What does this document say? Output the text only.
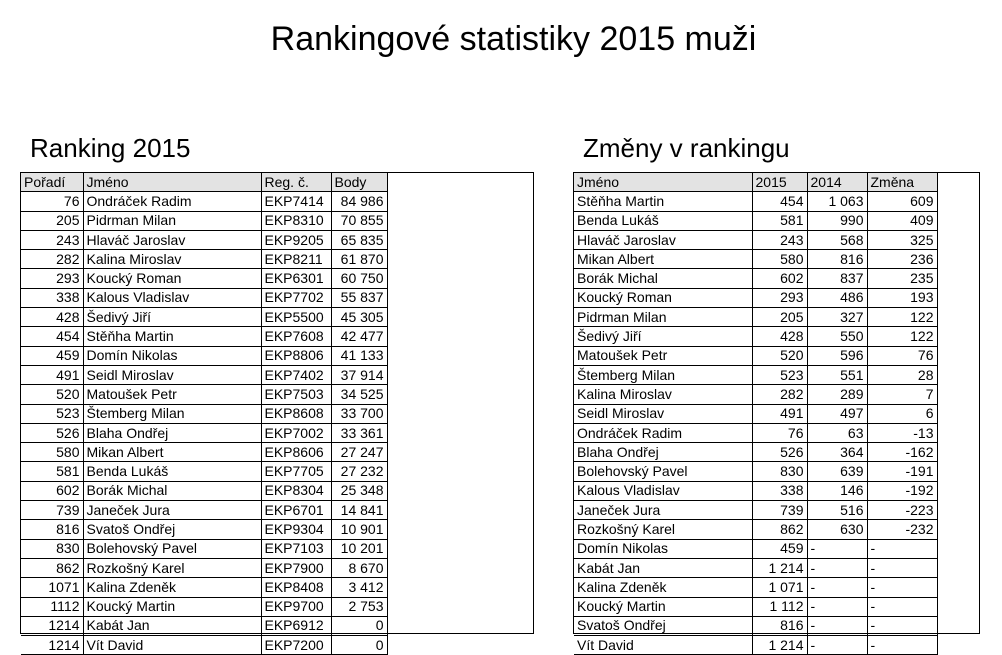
Rankingové statistiky 2015 muži
Ranking 2015	Změny v rankingu
Pořadí	Jméno	Reg. č.	Body
76	Ondráček Radim	EKP7414	84 986
205	Pidrman Milan	EKP8310	70 855
243	Hlaváč Jaroslav	EKP9205	65 835
282	Kalina Miroslav	EKP8211	61 870
293	Koucký Roman	EKP6301	60 750
338	Kalous Vladislav	EKP7702	55 837
428	Šedivý Jiří	EKP5500	45 305
454	Stěňha Martin	EKP7608	42 477
459	Domín Nikolas	EKP8806	41 133
491	Seidl Miroslav	EKP7402	37 914
520	Matoušek Petr	EKP7503	34 525
523	Štemberg Milan	EKP8608	33 700
526	Blaha Ondřej	EKP7002	33 361
580	Mikan Albert	EKP8606	27 247
581	Benda Lukáš	EKP7705	27 232
602	Borák Michal	EKP8304	25 348
739	Janeček Jura	EKP6701	14 841
816	Svatoš Ondřej	EKP9304	10 901
830	Bolehovský Pavel	EKP7103	10 201
862	Rozkošný Karel	EKP7900	8 670
1071	Kalina Zdeněk	EKP8408	3 412
1112	Koucký Martin	EKP9700	2 753
1214	Kabát Jan	EKP6912	0
1214	Vít David	EKP7200	0
Jméno	2015	2014	Změna
Stěňha Martin	454	1 063	609
Benda Lukáš	581	990	409
Hlaváč Jaroslav	243	568	325
Mikan Albert	580	816	236
Borák Michal	602	837	235
Koucký Roman	293	486	193
Pidrman Milan	205	327	122
Šedivý Jiří	428	550	122
Matoušek Petr	520	596	76
Štemberg Milan	523	551	28
Kalina Miroslav	282	289	7
Seidl Miroslav	491	497	6
Ondráček Radim	76	63	-13
Blaha Ondřej	526	364	-162
Bolehovský Pavel	830	639	-191
Kalous Vladislav	338	146	-192
Janeček Jura	739	516	-223
Rozkošný Karel	862	630	-232
Domín Nikolas	459	-	-
Kabát Jan	1 214	-	-
Kalina Zdeněk	1 071	-	-
Koucký Martin	1 112	-	-
Svatoš Ondřej	816	-	-
Vít David	1 214	-	-
